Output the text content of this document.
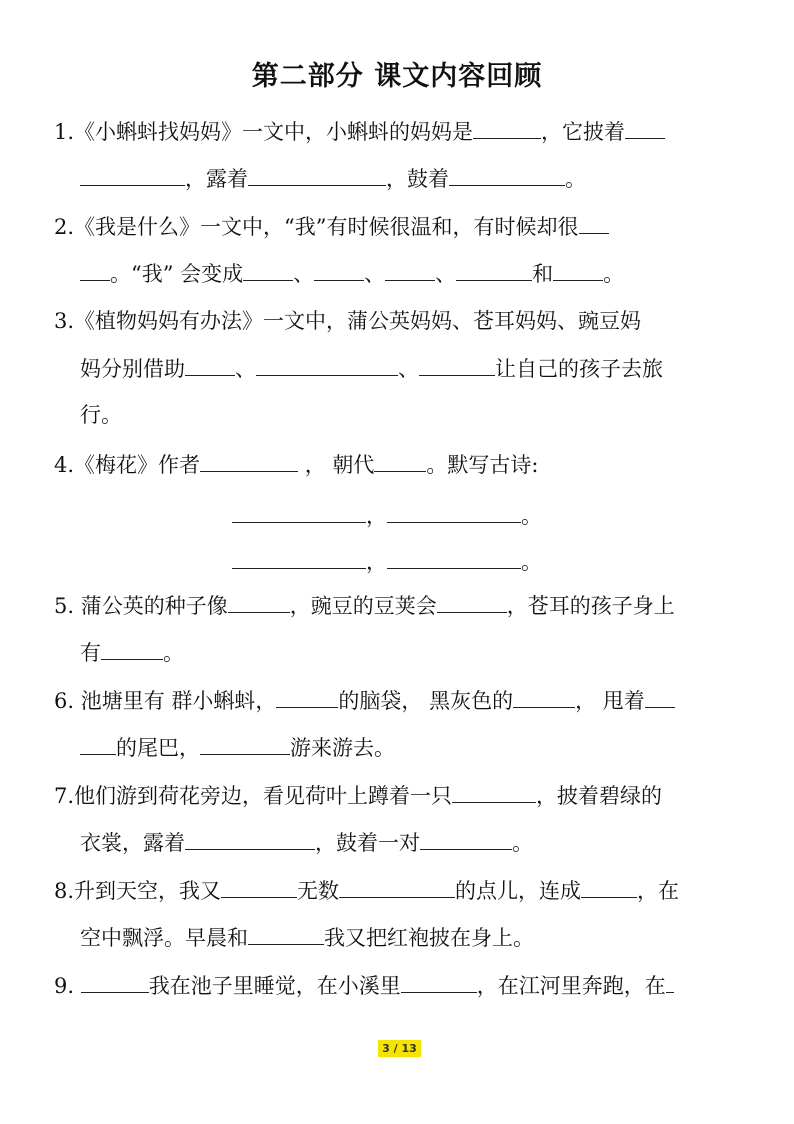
第二部分 课文内容回顾
1.《小蝌蚪找妈妈》一文中，小蝌蚪的妈妈是	，它披着
，露着	，鼓着	。
2.《我是什么》一文中，“我”有时候很温和，有时候却很
。“我” 会变成 、 、 、	和 。
3.《植物妈妈有办法》一文中，蒲公英妈妈、苍耳妈妈、豌豆妈
妈分别借助 、	、	让自己的孩子去旅
行。
4.《梅花》作者	， 朝代 。默写古诗:
，	。
，	。
5. 蒲公英的种子像	，豌豆的豆荚会	，苍耳的孩子身上
有	。
6. 池塘里有 群小蝌蚪，	的脑袋， 黑灰色的	， 甩着
的尾巴，	游来游去。
7.他们游到荷花旁边，看见荷叶上蹲着一只	，披着碧绿的
衣裳，露着	，鼓着一对	。
8.升到天空，我又	无数	的点儿，连成	，在
空中飘浮。早晨和	我又把红袍披在身上。
9.	我在池子里睡觉，在小溪里	，在江河里奔跑，在
3 / 13
